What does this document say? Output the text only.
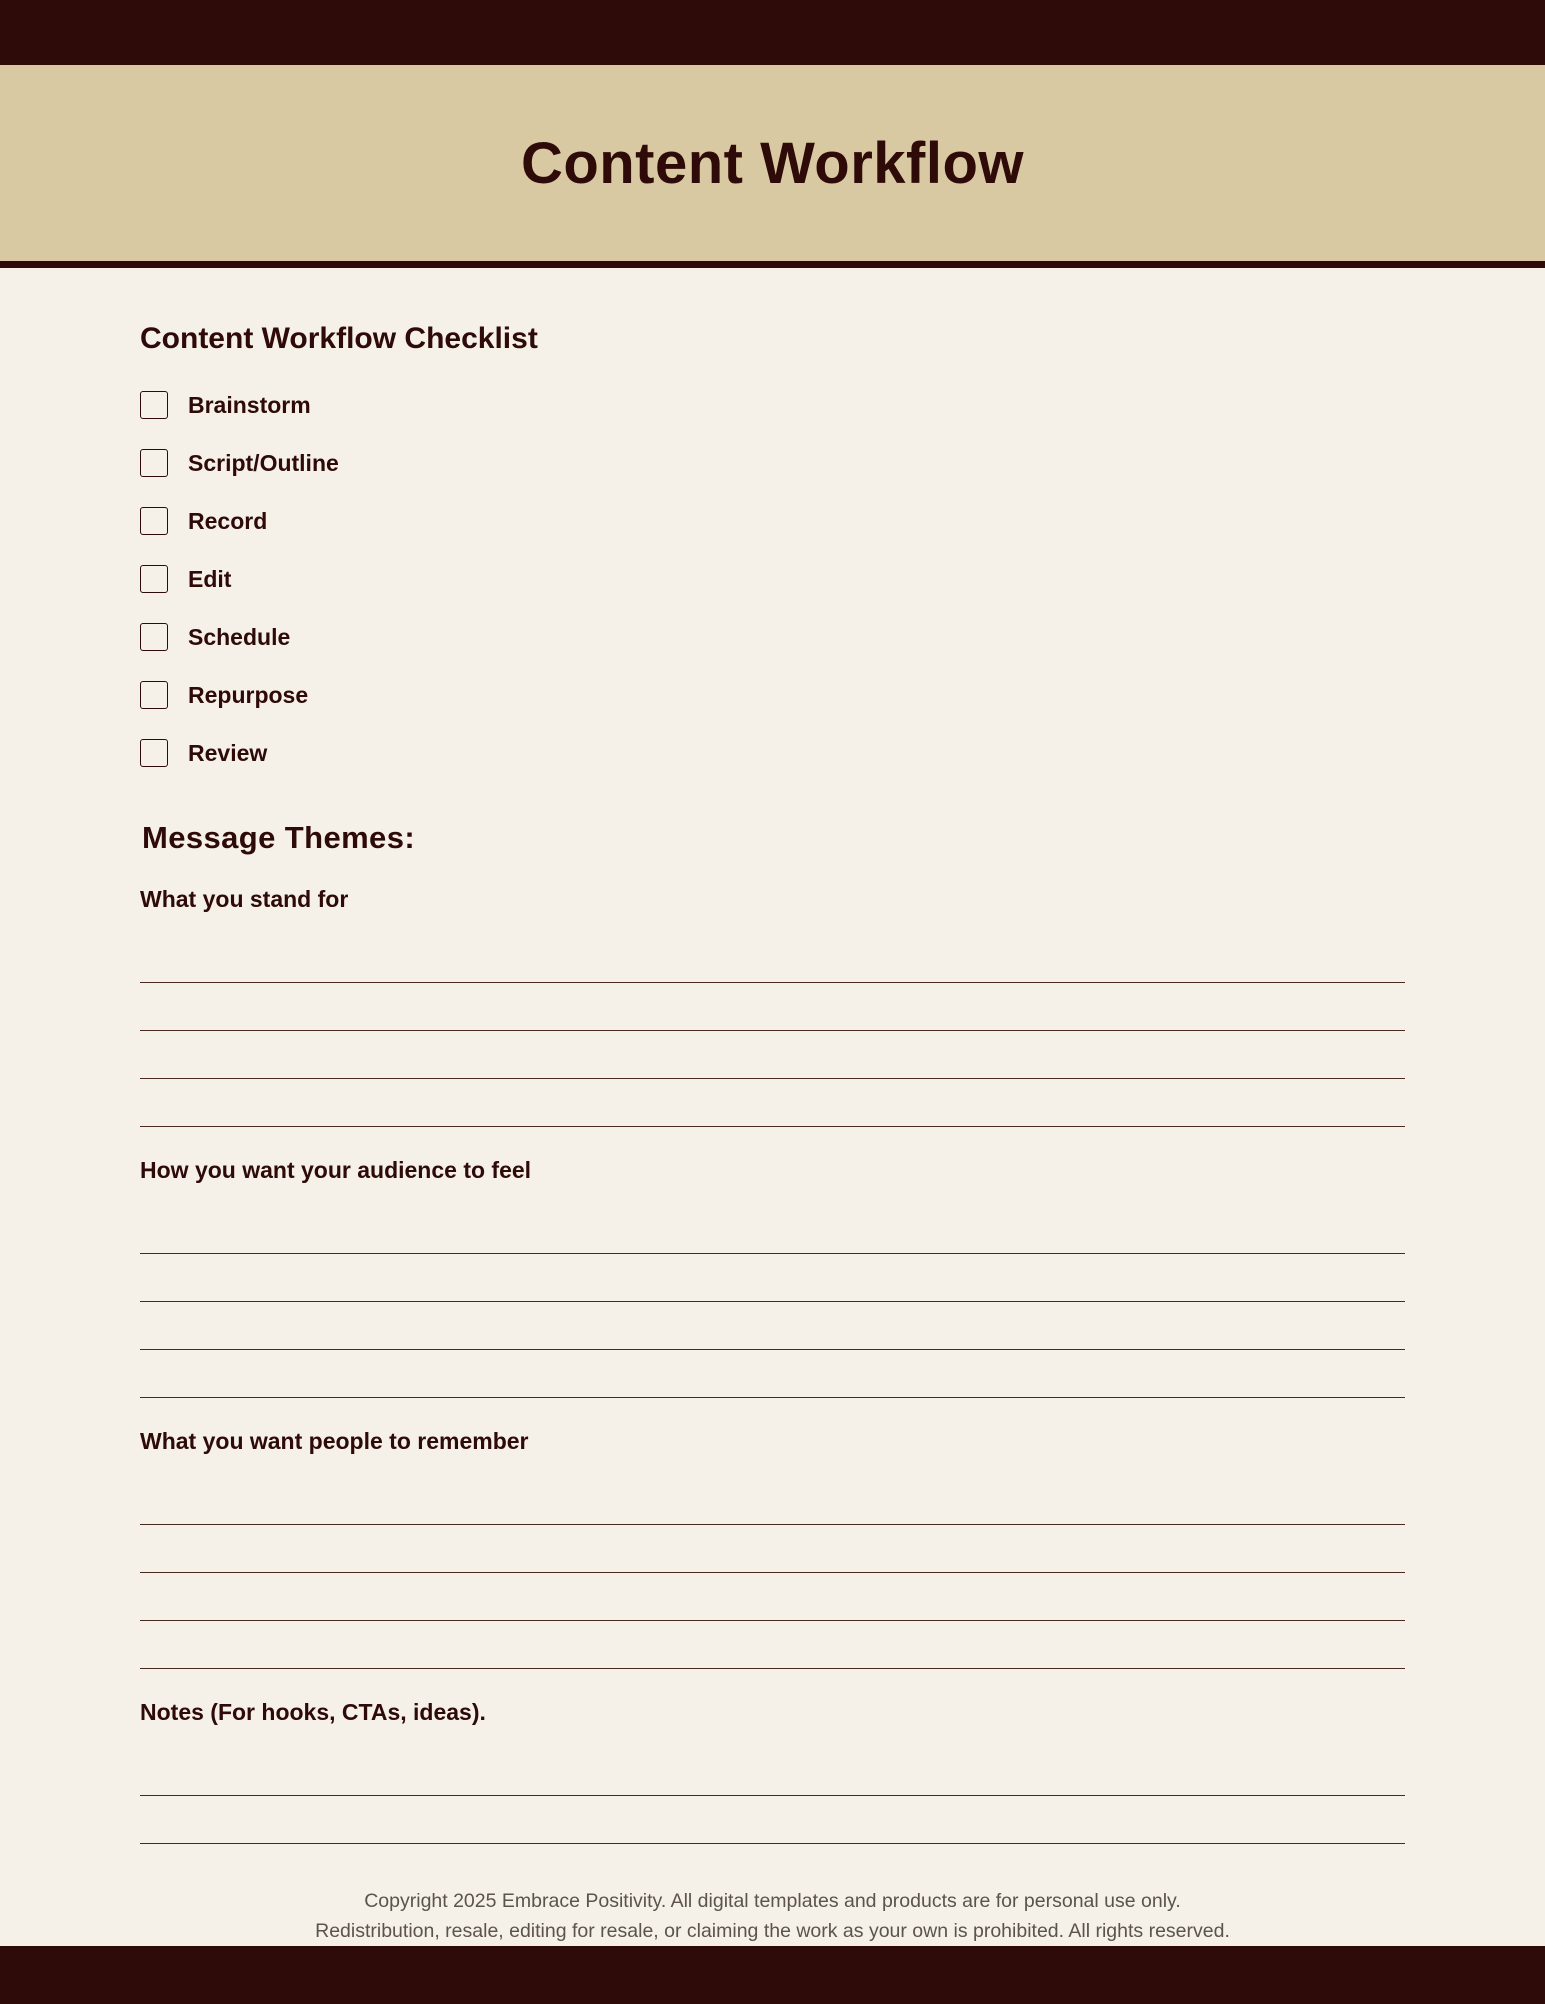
Content Workflow
Content Workflow Checklist
Brainstorm
Script/Outline
Record
Edit
Schedule
Repurpose
Review
Message Themes:
What you stand for
How you want your audience to feel
What you want people to remember
Notes (For hooks, CTAs, ideas).
Copyright 2025 Embrace Positivity. All digital templates and products are for personal use only.
Redistribution, resale, editing for resale, or claiming the work as your own is prohibited. All rights reserved.
